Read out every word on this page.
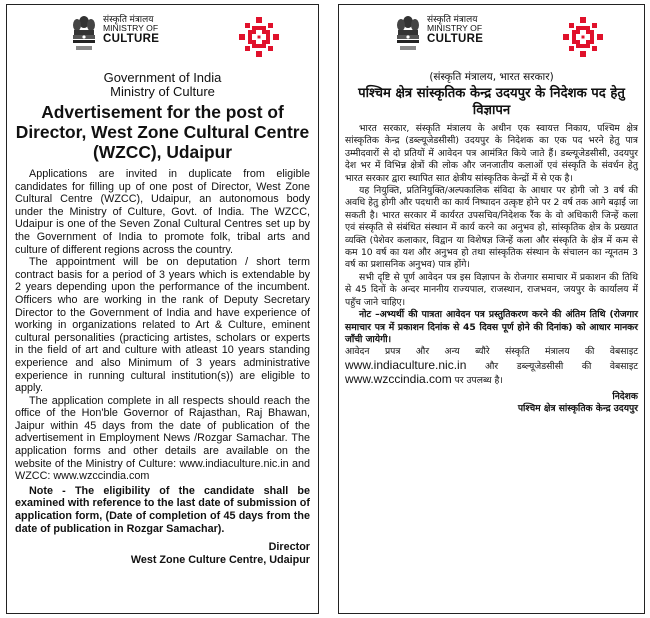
संस्कृति मंत्रालय
MINISTRY OF
CULTURE
Government of India
Ministry of Culture
Advertisement for the post of Director, West Zone Cultural Centre (WZCC), Udaipur

Applications are invited in duplicate from eligible candidates for filling up of one post of Director, West Zone Cultural Centre (WZCC), Udaipur, an autonomous body under the Ministry of Culture, Govt. of India. The WZCC, Udaipur is one of the Seven Zonal Cultural Centres set up by the Government of India to promote folk, tribal arts and culture of different regions across the country.

The appointment will be on deputation / short term contract basis for a period of 3 years which is extendable by 2 years depending upon the performance of the incumbent. Officers who are working in the rank of Deputy Secretary Director to the Government of India and have experience of working in organizations related to Art & Culture, eminent cultural personalities (practicing artistes, scholars or experts in the field of art and culture with atleast 10 years standing experience and also Minimum of 3 years administrative experience in running cultural institution(s)) are eligible to apply.

The application complete in all respects should reach the office of the Hon'ble Governor of Rajasthan, Raj Bhawan, Jaipur within 45 days from the date of publication of the advertisement in Employment News /Rozgar Samachar. The application forms and other details are available on the website of the Ministry of Culture: www.indiaculture.nic.in and WZCC: www.wzccindia.com

Note - The eligibility of the candidate shall be examined with reference to the last date of submission of application form, (Date of completion of 45 days from the date of publication in Rozgar Samachar).

Director

West Zone Culture Centre, Udaipur

संस्कृति मंत्रालय
MINISTRY OF
CULTURE
(संस्कृति मंत्रालय, भारत सरकार)
पश्चिम क्षेत्र सांस्कृतिक केन्द्र उदयपुर के निदेशक पद हेतु विज्ञापन

भारत सरकार, संस्कृति मंत्रालय के अधीन एक स्वायत्त निकाय, पश्चिम क्षेत्र सांस्कृतिक केन्द्र (डब्ल्यूजेडसीसी) उदयपुर के निदेशक का एक पद भरने हेतु पात्र उम्मीदवारों से दो प्रतियों में आवेदन पत्र आमंत्रित किये जाते हैं। डब्ल्यूजेडसीसी, उदयपुर देश भर में विभिन्न क्षेत्रों की लोक और जनजातीय कलाओं एवं संस्कृति के संवर्धन हेतु भारत सरकार द्वारा स्थापित सात क्षेत्रीय सांस्कृतिक केन्द्रों में से एक है।

यह नियुक्ति, प्रतिनियुक्ति/अल्पकालिक संविदा के आधार पर होगी जो 3 वर्ष की अवधि हेतु होगी और पदधारी का कार्य निष्पादन उत्कृष्ट होने पर 2 वर्ष तक आगे बढ़ाई जा सकती है। भारत सरकार में कार्यरत उपसचिव/निदेशक रैंक के वो अधिकारी जिन्हें कला एवं संस्कृति से संबंधित संस्थान में कार्य करने का अनुभव हो, सांस्कृतिक क्षेत्र के प्रख्यात व्यक्ति (पेशेवर कलाकार, विद्वान या विशेषज्ञ जिन्हें कला और संस्कृति के क्षेत्र में कम से कम 10 वर्ष का यश और अनुभव हो तथा सांस्कृतिक संस्थान के संचालन का न्यूनतम 3 वर्ष का प्रशासनिक अनुभव) पात्र होंगे।

सभी दृष्टि से पूर्ण आवेदन पत्र इस विज्ञापन के रोजगार समाचार में प्रकाशन की तिथि से 45 दिनों के अन्दर माननीय राज्यपाल, राजस्थान, राजभवन, जयपुर के कार्यालय में पहुँच जाने चाहिए।

नोट –अभ्यर्थी की पात्रता आवेदन पत्र प्रस्तुतिकरण करने की अंतिम तिथि (रोजगार समाचार पत्र में प्रकाशन दिनांक से 45 दिवस पूर्ण होने की दिनांक) को आधार मानकर जाँची जायेगी।

आवेदन प्रपत्र और अन्य ब्यौरे संस्कृति मंत्रालय की वेबसाइट www.indiaculture.nic.in और डब्ल्यूजेडसीसी की वेबसाइट www.wzccindia.com पर उपलब्ध है।

निदेशक

पश्चिम क्षेत्र सांस्कृतिक केन्द्र उदयपुर
